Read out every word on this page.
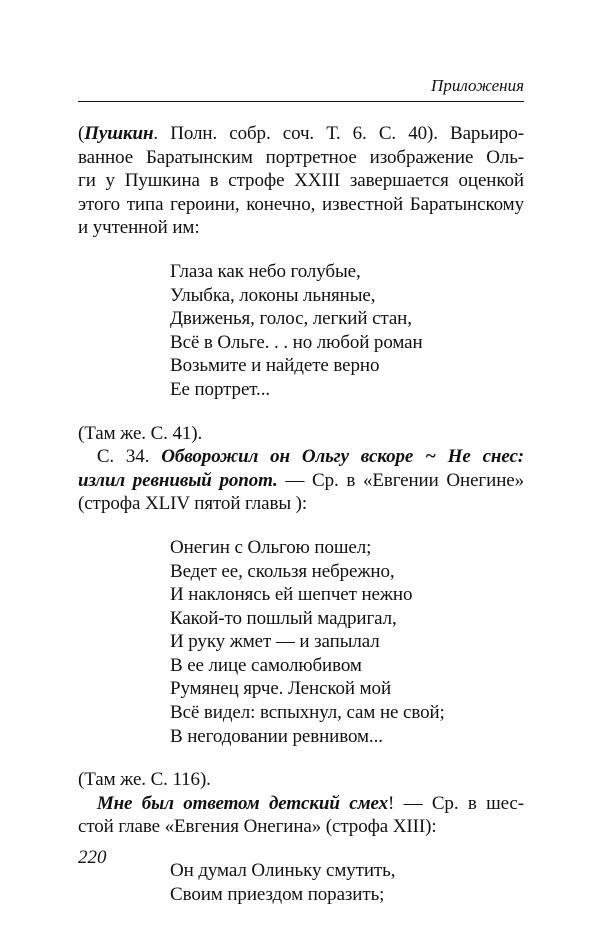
Приложения
(Пушкин. Полн. собр. соч. Т. 6. С. 40). Варьиро-
ванное Баратынским портретное изображение Оль-
ги у Пушкина в строфе XXIII завершается оценкой
этого типа героини, конечно, известной Баратынскому
и учтенной им:
Глаза как небо голубые,
Улыбка, локоны льняные,
Движенья, голос, легкий стан,
Всё в Ольге. . . но любой роман
Возьмите и найдете верно
Ее портрет...
(Там же. С. 41).
  С. 34. Обворожил он Ольгу вскоре ~ Не снес:
излил ревнивый ропот. — Ср. в «Евгении Онегине»
(строфа XLIV пятой главы ):
Онегин с Ольгою пошел;
Ведет ее, скользя небрежно,
И наклонясь ей шепчет нежно
Какой-то пошлый мадригал,
И руку жмет — и запылал
В ее лице самолюбивом
Румянец ярче. Ленской мой
Всё видел: вспыхнул, сам не свой;
В негодовании ревнивом...
(Там же. С. 116).
  Мне был ответом детский смех! — Ср. в шес-
стой главе «Евгения Онегина» (строфа XIII):
Он думал Олиньку смутить,
Своим приездом поразить;
220
